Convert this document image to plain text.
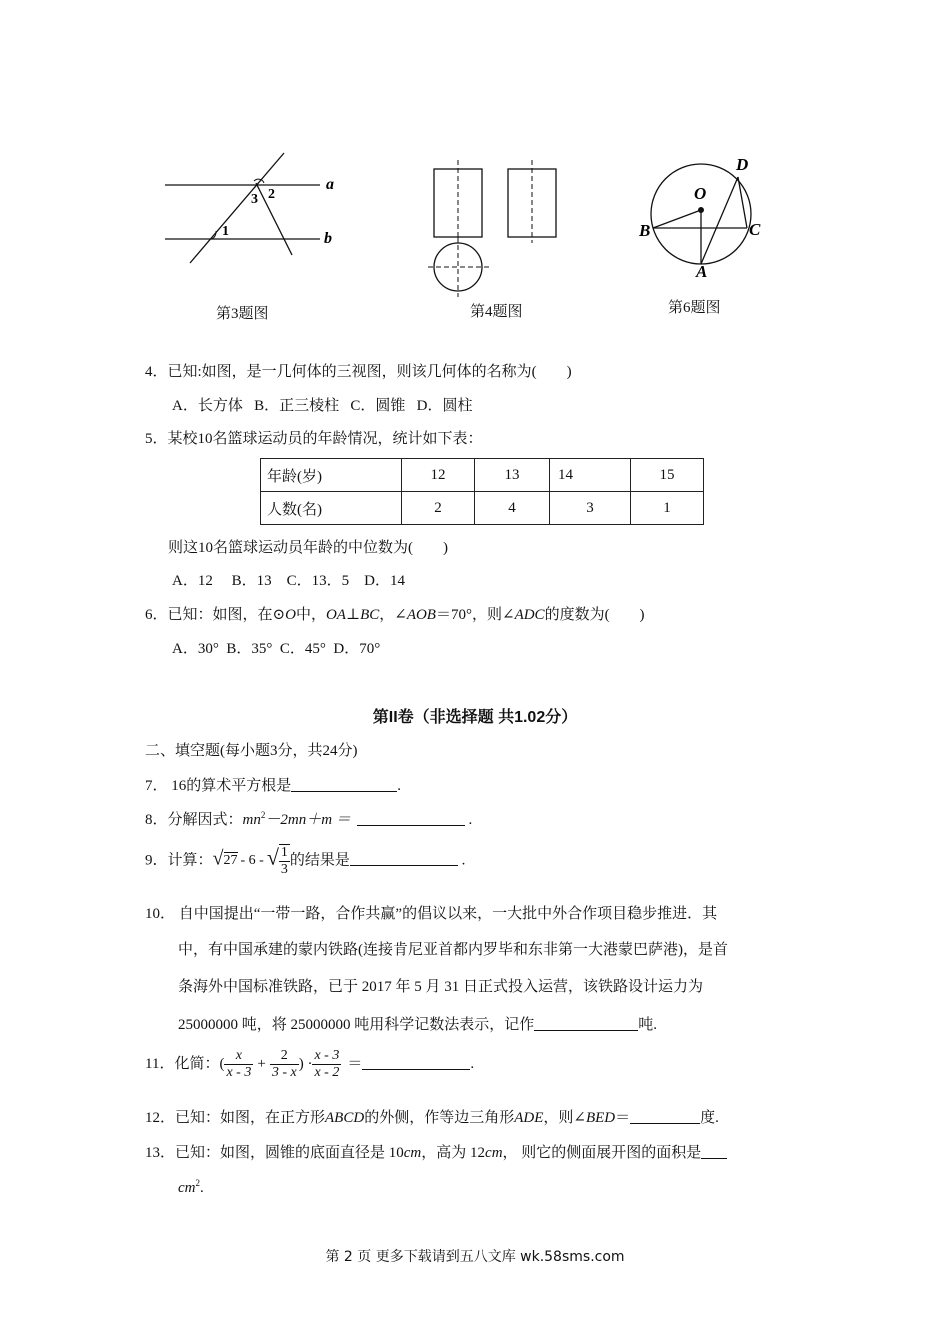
a
b
1
2
3
第3题图	第4题图
O
D
B	C
A
第6题图
4．已知:如图，是一几何体的三视图，则该几何体的名称为(　　)
A．长方体 B．正三棱柱 C．圆锥 D．圆柱
5．某校10名篮球运动员的年龄情况，统计如下表：
年龄(岁)	12	13	14	15
人数(名)	2	4	3	1
则这10名篮球运动员年龄的中位数为(　　)
A．12 B．13 C．13．5 D．14
6．已知：如图，在⊙O中，OA⊥BC，∠AOB＝70°，则∠ADC的度数为(　　)
A．30° B．35° C．45° D．70°
第II卷（非选择题 共1.02分）
二、填空题(每小题3分，共24分)
7． 16的算术平方根是	.
8．分解因式：$mn^2-2mn+m$ ＝	.
9．计算：√27 - 6 - √ $\frac{1}{3}$ 的结果是	.
10． 自中国提出“一带一路，合作共赢”的倡议以来，一大批中外合作项目稳步推进．其
中，有中国承建的蒙内铁路(连接肯尼亚首都内罗毕和东非第一大港蒙巴萨港)，是首
条海外中国标准铁路，已于 2017 年 5 月 31 日正式投入运营，该铁路设计运力为
25000000 吨，将 25000000 吨用科学记数法表示，记作	吨.
11．化简：( $\frac{x}{x - 3} + \frac{2}{3 - x}$ ) · $\frac{x - 3}{x - 2}$ ＝	.
12．已知：如图，在正方形ABCD的外侧，作等边三角形ADE，则∠BED＝	度.
13．已知：如图，圆锥的底面直径是 10cm，高为 12cm， 则它的侧面展开图的面积是
$cm^2$.
第 2 页 更多下载请到五八文库 wk.58sms.com
